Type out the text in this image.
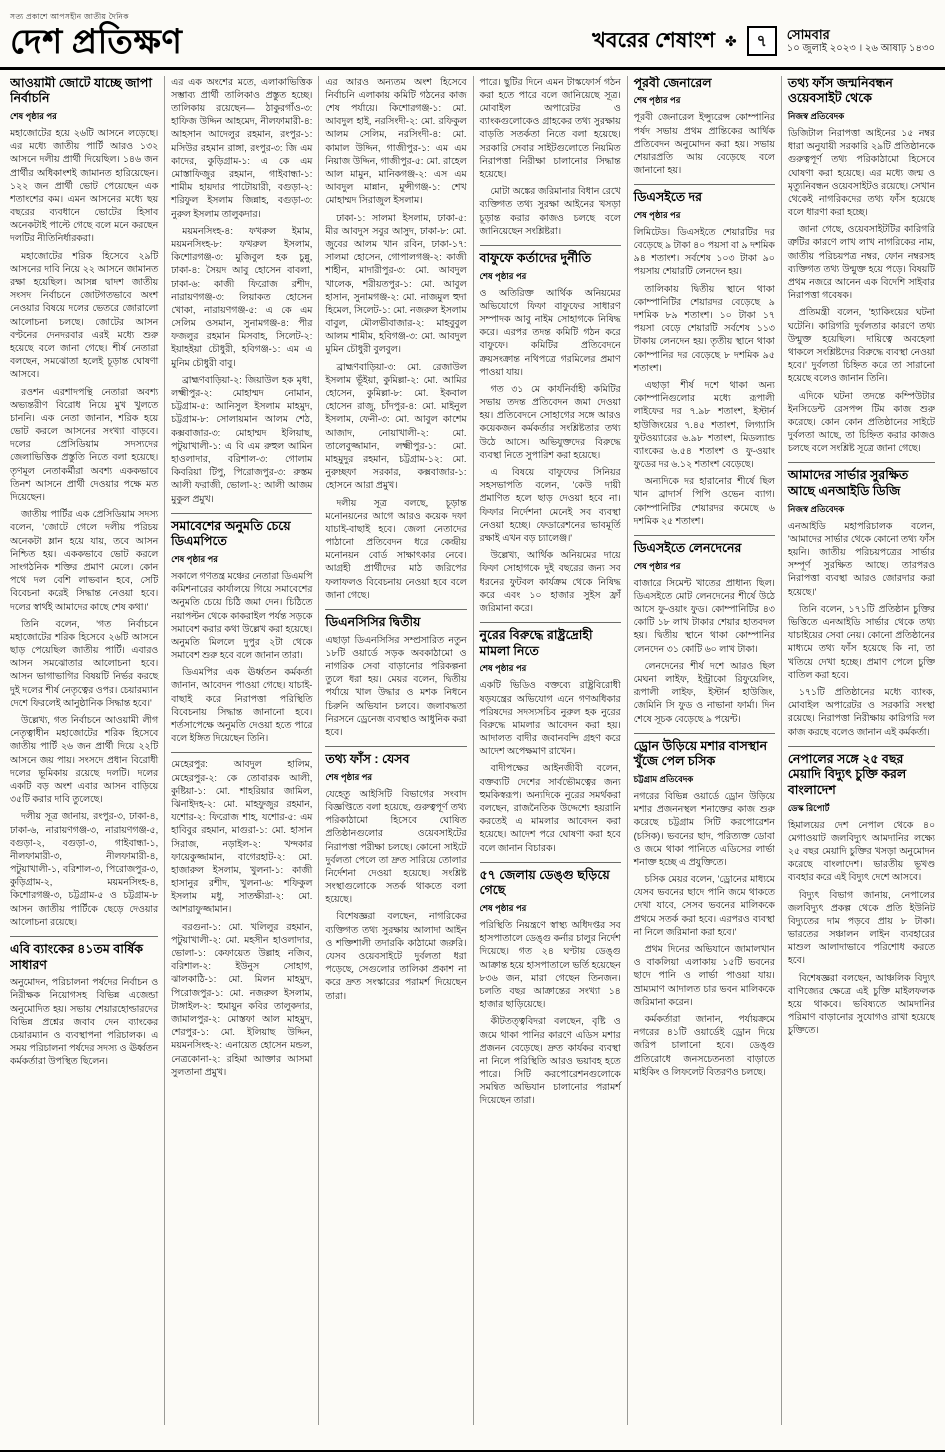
সত্য প্রকাশে আপসহীন জাতীয় দৈনিক
দেশ প্রতিক্ষণ	খবরের শেষাংশ ✤ ৭ সোমবার
১০ জুলাই ২০২৩ । ২৬ আষাঢ় ১৪৩০
আওয়ামী জোটে যাচ্ছে জাপা নির্বাচনি

শেষ পৃষ্ঠার পর

মহাজোটের হয়ে ২৬টি আসনে লড়েছে। এর মধ্যে জাতীয় পার্টি আরও ১৩২ আসনে দলীয় প্রার্থী দিয়েছিল। ১৪৬ জন প্রার্থীর অধিকাংশই জামানত হারিয়েছেন। ১২২ জন প্রার্থী ভোট পেয়েছেন এক শতাংশের কম। এমন আসনের মধ্যে ছয় বছরের ব্যবধানে ভোটের হিসাব অনেকটাই পাল্টে গেছে বলে মনে করছেন দলটির নীতিনির্ধারকরা।

মহাজোটের শরিক হিসেবে ২৯টি আসনের দাবি নিয়ে ২২ আসনে জামানত রক্ষা হয়েছিল। আসন্ন দ্বাদশ জাতীয় সংসদ নির্বাচনে জোটগতভাবে অংশ নেওয়ার বিষয়ে দলের ভেতরে জোরালো আলোচনা চলছে। জোটের আসন বণ্টনের দেনদরবার এরই মধ্যে শুরু হয়েছে বলে জানা গেছে। শীর্ষ নেতারা বলছেন, সমঝোতা হলেই চূড়ান্ত ঘোষণা আসবে।

রওশন এরশাদপন্থি নেতারা অবশ্য অভ্যন্তরীণ বিরোধ নিয়ে মুখ খুলতে চাননি। এক নেতা জানান, শরিক হয়ে ভোট করলে আসনের সংখ্যা বাড়বে। দলের প্রেসিডিয়াম সদস্যদের জেলাভিত্তিক প্রস্তুতি নিতে বলা হয়েছে। তৃণমূল নেতাকর্মীরা অবশ্য এককভাবে তিনশ আসনে প্রার্থী দেওয়ার পক্ষে মত দিয়েছেন।

জাতীয় পার্টির এক প্রেসিডিয়াম সদস্য বলেন, 'জোটে গেলে দলীয় পরিচয় অনেকটা ম্লান হয়ে যায়, তবে আসন নিশ্চিত হয়। এককভাবে ভোট করলে সাংগঠনিক শক্তির প্রমাণ মেলে। কোন পথে দল বেশি লাভবান হবে, সেটি বিবেচনা করেই সিদ্ধান্ত নেওয়া হবে। দলের স্বার্থই আমাদের কাছে শেষ কথা।'

তিনি বলেন, 'গত নির্বাচনে মহাজোটের শরিক হিসেবে ২৬টি আসনে ছাড় পেয়েছিল জাতীয় পার্টি। এবারও আসন সমঝোতার আলোচনা হবে। আসন ভাগাভাগির বিষয়টি নির্ভর করছে দুই দলের শীর্ষ নেতৃত্বের ওপর। চেয়ারম্যান দেশে ফিরলেই আনুষ্ঠানিক সিদ্ধান্ত হবে।'

উল্লেখ্য, গত নির্বাচনে আওয়ামী লীগ নেতৃত্বাধীন মহাজোটের শরিক হিসেবে জাতীয় পার্টি ২৬ জন প্রার্থী দিয়ে ২২টি আসনে জয় পায়। সংসদে প্রধান বিরোধী দলের ভূমিকায় রয়েছে দলটি। দলের একটি বড় অংশ এবার আসন বাড়িয়ে ৩৫টি করার দাবি তুলেছে।

দলীয় সূত্র জানায়, রংপুর-৩, ঢাকা-৪, ঢাকা-৬, নারায়ণগঞ্জ-৩, নারায়ণগঞ্জ-৫, বগুড়া-২, বগুড়া-৩, গাইবান্ধা-১, নীলফামারী-৩, নীলফামারী-৪, পটুয়াখালী-১, বরিশাল-৩, পিরোজপুর-৩, কুড়িগ্রাম-২, ময়মনসিংহ-৪, কিশোরগঞ্জ-৩, চট্টগ্রাম-৫ ও চট্টগ্রাম-৮ আসন জাতীয় পার্টিকে ছেড়ে দেওয়ার আলোচনা রয়েছে।

এবি ব্যাংকের ৪১তম বার্ষিক সাধারণ

অনুমোদন, পরিচালনা পর্ষদের নির্বাচন ও নিরীক্ষক নিয়োগসহ বিভিন্ন এজেন্ডা অনুমোদিত হয়। সভায় শেয়ারহোল্ডারদের বিভিন্ন প্রশ্নের জবাব দেন ব্যাংকের চেয়ারম্যান ও ব্যবস্থাপনা পরিচালক। এ সময় পরিচালনা পর্ষদের সদস্য ও ঊর্ধ্বতন কর্মকর্তারা উপস্থিত ছিলেন।

এর এক অংশের মতে, এলাকাভিত্তিক সম্ভাব্য প্রার্থী তালিকাও প্রস্তুত হচ্ছে। তালিকায় রয়েছেন— ঠাকুরগাঁও-৩: হাফিজ উদ্দিন আহমেদ, নীলফামারী-৪: আহসান আদেলুর রহমান, রংপুর-১: মসিউর রহমান রাঙ্গা, রংপুর-৩: জি এম কাদের, কুড়িগ্রাম-১: এ কে এম মোস্তাফিজুর রহমান, গাইবান্ধা-১: শামীম হায়দার পাটোয়ারী, বগুড়া-২: শরিফুল ইসলাম জিন্নাহ, বগুড়া-৩: নুরুল ইসলাম তালুকদার।

ময়মনসিংহ-৪: ফখরুল ইমাম, ময়মনসিংহ-৮: ফখরুল ইসলাম, কিশোরগঞ্জ-৩: মুজিবুল হক চুন্নু, ঢাকা-৪: সৈয়দ আবু হোসেন বাবলা, ঢাকা-৬: কাজী ফিরোজ রশীদ, নারায়ণগঞ্জ-৩: লিয়াকত হোসেন খোকা, নারায়ণগঞ্জ-৫: এ কে এম সেলিম ওসমান, সুনামগঞ্জ-৪: পীর ফজলুর রহমান মিসবাহ, সিলেট-২: ইয়াহইয়া চৌধুরী, হবিগঞ্জ-১: এম এ মুনিম চৌধুরী বাবু।

ব্রাহ্মণবাড়িয়া-২: জিয়াউল হক মৃধা, লক্ষ্মীপুর-২: মোহাম্মদ নোমান, চট্টগ্রাম-৫: আনিসুল ইসলাম মাহমুদ, চট্টগ্রাম-৮: সোলায়মান আলম শেঠ, কক্সবাজার-৩: মোহাম্মদ ইলিয়াছ, পটুয়াখালী-১: এ বি এম রুহুল আমিন হাওলাদার, বরিশাল-৩: গোলাম কিবরিয়া টিপু, পিরোজপুর-৩: রুস্তম আলী ফরাজী, ভোলা-২: আলী আজম মুকুল প্রমুখ।

সমাবেশের অনুমতি চেয়ে ডিএমপিতে

শেষ পৃষ্ঠার পর

সকালে গণতন্ত্র মঞ্চের নেতারা ডিএমপি কমিশনারের কার্যালয়ে গিয়ে সমাবেশের অনুমতি চেয়ে চিঠি জমা দেন। চিঠিতে নয়াপল্টন থেকে কাকরাইল পর্যন্ত সড়কে সমাবেশ করার কথা উল্লেখ করা হয়েছে। অনুমতি মিললে দুপুর ২টা থেকে সমাবেশ শুরু হবে বলে জানান তারা।

ডিএমপির এক ঊর্ধ্বতন কর্মকর্তা জানান, আবেদন পাওয়া গেছে। যাচাই-বাছাই করে নিরাপত্তা পরিস্থিতি বিবেচনায় সিদ্ধান্ত জানানো হবে। শর্তসাপেক্ষে অনুমতি দেওয়া হতে পারে বলে ইঙ্গিত দিয়েছেন তিনি।

মেহেরপুর: আবদুল হালিম, মেহেরপুর-২: কে তোবারক আলী, কুষ্টিয়া-১: মো. শাহরিয়ার জামিল, ঝিনাইদহ-২: মো. মাহফুজুর রহমান, যশোর-২: ফিরোজ শাহ, যশোর-৫: এম হাবিবুর রহমান, মাগুরা-১: মো. হাসান সিরাজ, নড়াইল-২: খন্দকার ফায়েকুজ্জামান, বাগেরহাট-২: মো. হাজারুল ইসলাম, খুলনা-১: কাজী হাসানুর রশীদ, খুলনা-৬: শফিকুল ইসলাম মধু, সাতক্ষীরা-২: মো. আশরাফুজ্জামান।

বরগুনা-১: মো. খলিলুর রহমান, পটুয়াখালী-২: মো. মহসীন হাওলাদার, ভোলা-১: কেফায়েত উল্লাহ নজিব, বরিশাল-২: ইউনুস সোহাগ, ঝালকাঠি-১: মো. মিলন মাহমুদ, পিরোজপুর-১: মো. নজরুল ইসলাম, টাঙ্গাইল-২: হুমায়ুন কবির তালুকদার, জামালপুর-২: মোস্তফা আল মাহমুদ, শেরপুর-১: মো. ইলিয়াছ উদ্দিন, ময়মনসিংহ-২: এনায়েত হোসেন মন্ডল, নেত্রকোনা-২: রহিমা আক্তার আসমা সুলতানা প্রমুখ।

এর আরও অন্যতম অংশ হিসেবে নির্বাচনি এলাকায় কমিটি গঠনের কাজ শেষ পর্যায়ে। কিশোরগঞ্জ-১: মো. আবদুল হাই, নরসিংদী-২: মো. রফিকুল আলম সেলিম, নরসিংদী-৪: মো. কামাল উদ্দিন, গাজীপুর-১: এম এম নিয়াজ উদ্দিন, গাজীপুর-৫: মো. রাহেল আল মামুন, মানিকগঞ্জ-২: এস এম আবদুল মান্নান, মুন্সীগঞ্জ-১: শেখ মোহাম্মদ সিরাজুল ইসলাম।

ঢাকা-১: সালমা ইসলাম, ঢাকা-৫: মীর আবদুস সবুর আসুদ, ঢাকা-৮: মো. জুবের আলম খান রবিন, ঢাকা-১৭: সালমা হোসেন, গোপালগঞ্জ-২: কাজী শাহীন, মাদারীপুর-৩: মো. আবদুল খালেক, শরীয়তপুর-১: মো. আবুল হাসান, সুনামগঞ্জ-২: মো. নাজমুল হুদা হিমেল, সিলেট-১: মো. নজরুল ইসলাম বাবুল, মৌলভীবাজার-২: মাহবুবুল আলম শামীম, হবিগঞ্জ-৩: মো. আবদুল মুমিন চৌধুরী বুলবুল।

ব্রাহ্মণবাড়িয়া-৩: মো. রেজাউল ইসলাম ভূঁইয়া, কুমিল্লা-২: মো. আমির হোসেন, কুমিল্লা-৮: মো. ইকবাল হোসেন রাজু, চাঁদপুর-৪: মো. মাইনুল ইসলাম, ফেনী-৩: মো. আবুল কাশেম আজাদ, নোয়াখালী-২: মো. তালেবুজ্জামান, লক্ষ্মীপুর-১: মো. মাহমুদুর রহমান, চট্টগ্রাম-১২: মো. নুরুচ্ছফা সরকার, কক্সবাজার-১: হোসনে আরা প্রমুখ।

দলীয় সূত্র বলছে, চূড়ান্ত মনোনয়নের আগে আরও কয়েক দফা যাচাই-বাছাই হবে। জেলা নেতাদের পাঠানো প্রতিবেদন ধরে কেন্দ্রীয় মনোনয়ন বোর্ড সাক্ষাৎকার নেবে। আগ্রহী প্রার্থীদের মাঠ জরিপের ফলাফলও বিবেচনায় নেওয়া হবে বলে জানা গেছে।

ডিএনসিসির দ্বিতীয়

এছাড়া ডিএনসিসির সম্প্রসারিত নতুন ১৮টি ওয়ার্ডে সড়ক অবকাঠামো ও নাগরিক সেবা বাড়ানোর পরিকল্পনা তুলে ধরা হয়। মেয়র বলেন, দ্বিতীয় পর্যায়ে খাল উদ্ধার ও মশক নিধনে চিরুনি অভিযান চলবে। জলাবদ্ধতা নিরসনে ড্রেনেজ ব্যবস্থাও আধুনিক করা হবে।

তথ্য ফাঁস : যেসব

শেষ পৃষ্ঠার পর

যেহেতু আইসিটি বিভাগের সংবাদ বিজ্ঞপ্তিতে বলা হয়েছে, গুরুত্বপূর্ণ তথ্য পরিকাঠামো হিসেবে ঘোষিত প্রতিষ্ঠানগুলোর ওয়েবসাইটের নিরাপত্তা পরীক্ষা চলছে। কোনো সাইটে দুর্বলতা পেলে তা দ্রুত সারিয়ে তোলার নির্দেশনা দেওয়া হয়েছে। সংশ্লিষ্ট সংস্থাগুলোকে সতর্ক থাকতে বলা হয়েছে।

বিশেষজ্ঞরা বলছেন, নাগরিকের ব্যক্তিগত তথ্য সুরক্ষায় আলাদা আইন ও শক্তিশালী তদারকি কাঠামো জরুরি। যেসব ওয়েবসাইটে দুর্বলতা ধরা পড়েছে, সেগুলোর তালিকা প্রকাশ না করে দ্রুত সংস্কারের পরামর্শ দিয়েছেন তারা।

পারে। ছুটির দিনে এমন টাস্কফোর্স গঠন করা হতে পারে বলে জানিয়েছে সূত্র। মোবাইল অপারেটর ও ব্যাংকগুলোকেও গ্রাহকের তথ্য সুরক্ষায় বাড়তি সতর্কতা নিতে বলা হয়েছে। সরকারি সেবার সাইটগুলোতে নিয়মিত নিরাপত্তা নিরীক্ষা চালানোর সিদ্ধান্ত হয়েছে।

মোটা অঙ্কের জরিমানার বিধান রেখে ব্যক্তিগত তথ্য সুরক্ষা আইনের খসড়া চূড়ান্ত করার কাজও চলছে বলে জানিয়েছেন সংশ্লিষ্টরা।

বাফুফে কর্তাদের দুর্নীতি

শেষ পৃষ্ঠার পর

ও অতিরিক্ত আর্থিক অনিয়মের অভিযোগে ফিফা বাফুফের সাধারণ সম্পাদক আবু নাইম সোহাগকে নিষিদ্ধ করে। এরপর তদন্ত কমিটি গঠন করে বাফুফে। কমিটির প্রতিবেদনে ক্রয়সংক্রান্ত নথিপত্রে গরমিলের প্রমাণ পাওয়া যায়।

গত ৩১ মে কার্যনির্বাহী কমিটির সভায় তদন্ত প্রতিবেদন জমা দেওয়া হয়। প্রতিবেদনে সোহাগের সঙ্গে আরও কয়েকজন কর্মকর্তার সংশ্লিষ্টতার তথ্য উঠে আসে। অভিযুক্তদের বিরুদ্ধে ব্যবস্থা নিতে সুপারিশ করা হয়েছে।

এ বিষয়ে বাফুফের সিনিয়র সহসভাপতি বলেন, 'কেউ দায়ী প্রমাণিত হলে ছাড় দেওয়া হবে না। ফিফার নির্দেশনা মেনেই সব ব্যবস্থা নেওয়া হচ্ছে। ফেডারেশনের ভাবমূর্তি রক্ষাই এখন বড় চ্যালেঞ্জ।'

উল্লেখ্য, আর্থিক অনিয়মের দায়ে ফিফা সোহাগকে দুই বছরের জন্য সব ধরনের ফুটবল কার্যক্রম থেকে নিষিদ্ধ করে এবং ১০ হাজার সুইস ফ্রাঁ জরিমানা করে।

নুরের বিরুদ্ধে রাষ্ট্রদ্রোহী মামলা নিতে

শেষ পৃষ্ঠার পর

একটি ভিডিও বক্তব্যে রাষ্ট্রবিরোধী ষড়যন্ত্রের অভিযোগ এনে গণঅধিকার পরিষদের সদস্যসচিব নুরুল হক নুরের বিরুদ্ধে মামলার আবেদন করা হয়। আদালত বাদীর জবানবন্দি গ্রহণ করে আদেশ অপেক্ষমাণ রাখেন।

বাদীপক্ষের আইনজীবী বলেন, বক্তব্যটি দেশের সার্বভৌমত্বের জন্য হুমকিস্বরূপ। অন্যদিকে নুরের সমর্থকরা বলছেন, রাজনৈতিক উদ্দেশ্যে হয়রানি করতেই এ মামলার আবেদন করা হয়েছে। আদেশ পরে ঘোষণা করা হবে বলে জানান বিচারক।

৫৭ জেলায় ডেঙ্গু ছড়িয়ে গেছে

শেষ পৃষ্ঠার পর

পরিস্থিতি নিয়ন্ত্রণে স্বাস্থ্য অধিদপ্তর সব হাসপাতালে ডেঙ্গু কর্নার চালুর নির্দেশ দিয়েছে। গত ২৪ ঘণ্টায় ডেঙ্গু আক্রান্ত হয়ে হাসপাতালে ভর্তি হয়েছেন ৮৩৬ জন, মারা গেছেন তিনজন। চলতি বছর আক্রান্তের সংখ্যা ১৪ হাজার ছাড়িয়েছে।

কীটতত্ত্ববিদরা বলছেন, বৃষ্টি ও জমে থাকা পানির কারণে এডিস মশার প্রজনন বেড়েছে। দ্রুত কার্যকর ব্যবস্থা না নিলে পরিস্থিতি আরও ভয়াবহ হতে পারে। সিটি করপোরেশনগুলোকে সমন্বিত অভিযান চালানোর পরামর্শ দিয়েছেন তারা।

পূরবী জেনারেল

শেষ পৃষ্ঠার পর

পূরবী জেনারেল ইন্স্যুরেন্স কোম্পানির পর্ষদ সভায় প্রথম প্রান্তিকের আর্থিক প্রতিবেদন অনুমোদন করা হয়। সভায় শেয়ারপ্রতি আয় বেড়েছে বলে জানানো হয়।

ডিএসইতে দর

শেষ পৃষ্ঠার পর

লিমিটেড। ডিএসইতে শেয়ারটির দর বেড়েছে ৯ টাকা ৪০ পয়সা বা ৯ দশমিক ৯৪ শতাংশ। সর্বশেষ ১০৩ টাকা ৯০ পয়সায় শেয়ারটি লেনদেন হয়।

তালিকায় দ্বিতীয় স্থানে থাকা কোম্পানিটির শেয়ারদর বেড়েছে ৯ দশমিক ৮৯ শতাংশ। ১০ টাকা ১৭ পয়সা বেড়ে শেয়ারটি সর্বশেষ ১১৩ টাকায় লেনদেন হয়। তৃতীয় স্থানে থাকা কোম্পানির দর বেড়েছে ৮ দশমিক ৯৫ শতাংশ।

এছাড়া শীর্ষ দশে থাকা অন্য কোম্পানিগুলোর মধ্যে রূপালী লাইফের দর ৭.৯৮ শতাংশ, ইস্টার্ন হাউজিংয়ের ৭.৪৫ শতাংশ, লিগ্যাসি ফুটওয়্যারের ৬.৯৮ শতাংশ, মিডল্যান্ড ব্যাংকের ৬.৫৪ শতাংশ ও ফু-ওয়াং ফুডের দর ৬.১২ শতাংশ বেড়েছে।

অন্যদিকে দর হারানোর শীর্ষে ছিল খান ব্রাদার্স পিপি ওভেন ব্যাগ। কোম্পানিটির শেয়ারদর কমেছে ৬ দশমিক ২৫ শতাংশ।

ডিএসইতে লেনদেনের

শেষ পৃষ্ঠার পর

বাজারে সিমেন্ট খাতের প্রাধান্য ছিল। ডিএসইতে মোট লেনদেনের শীর্ষে উঠে আসে ফু-ওয়াং ফুড। কোম্পানিটির ৪৩ কোটি ১৮ লাখ টাকার শেয়ার হাতবদল হয়। দ্বিতীয় স্থানে থাকা কোম্পানির লেনদেন ৩১ কোটি ৬০ লাখ টাকা।

লেনদেনের শীর্ষ দশে আরও ছিল মেঘনা লাইফ, ইন্ট্রাকো রিফুয়েলিং, রূপালী লাইফ, ইস্টার্ন হাউজিং, জেমিনি সি ফুড ও নাভানা ফার্মা। দিন শেষে সূচক বেড়েছে ৯ পয়েন্ট।

ড্রোন উড়িয়ে মশার বাসস্থান খুঁজে পেল চসিক

চট্টগ্রাম প্রতিবেদক

নগরের বিভিন্ন ওয়ার্ডে ড্রোন উড়িয়ে মশার প্রজননস্থল শনাক্তের কাজ শুরু করেছে চট্টগ্রাম সিটি করপোরেশন (চসিক)। ভবনের ছাদ, পরিত্যক্ত ডোবা ও জমে থাকা পানিতে এডিসের লার্ভা শনাক্ত হচ্ছে এ প্রযুক্তিতে।

চসিক মেয়র বলেন, 'ড্রোনের মাধ্যমে যেসব ভবনের ছাদে পানি জমে থাকতে দেখা যাবে, সেসব ভবনের মালিককে প্রথমে সতর্ক করা হবে। এরপরও ব্যবস্থা না নিলে জরিমানা করা হবে।'

প্রথম দিনের অভিযানে জামালখান ও বাকলিয়া এলাকায় ১৫টি ভবনের ছাদে পানি ও লার্ভা পাওয়া যায়। ভ্রাম্যমাণ আদালত চার ভবন মালিককে জরিমানা করেন।

কর্মকর্তারা জানান, পর্যায়ক্রমে নগরের ৪১টি ওয়ার্ডেই ড্রোন দিয়ে জরিপ চালানো হবে। ডেঙ্গু প্রতিরোধে জনসচেতনতা বাড়াতে মাইকিং ও লিফলেট বিতরণও চলছে।

তথ্য ফাঁস জন্মনিবন্ধন ওয়েবসাইট থেকে

নিজস্ব প্রতিবেদক

ডিজিটাল নিরাপত্তা আইনের ১৫ নম্বর ধারা অনুযায়ী সরকারি ২৯টি প্রতিষ্ঠানকে গুরুত্বপূর্ণ তথ্য পরিকাঠামো হিসেবে ঘোষণা করা হয়েছে। এর মধ্যে জন্ম ও মৃত্যুনিবন্ধন ওয়েবসাইটও রয়েছে। সেখান থেকেই নাগরিকদের তথ্য ফাঁস হয়েছে বলে ধারণা করা হচ্ছে।

জানা গেছে, ওয়েবসাইটটির কারিগরি ত্রুটির কারণে লাখ লাখ নাগরিকের নাম, জাতীয় পরিচয়পত্র নম্বর, ফোন নম্বরসহ ব্যক্তিগত তথ্য উন্মুক্ত হয়ে পড়ে। বিষয়টি প্রথম নজরে আনেন এক বিদেশি সাইবার নিরাপত্তা গবেষক।

প্রতিমন্ত্রী বলেন, 'হ্যাকিংয়ের ঘটনা ঘটেনি। কারিগরি দুর্বলতার কারণে তথ্য উন্মুক্ত হয়েছিল। দায়িত্বে অবহেলা থাকলে সংশ্লিষ্টদের বিরুদ্ধে ব্যবস্থা নেওয়া হবে।' দুর্বলতা চিহ্নিত করে তা সারানো হয়েছে বলেও জানান তিনি।

এদিকে ঘটনা তদন্তে কম্পিউটার ইনসিডেন্ট রেসপন্স টিম কাজ শুরু করেছে। কোন কোন প্রতিষ্ঠানের সাইটে দুর্বলতা আছে, তা চিহ্নিত করার কাজও চলছে বলে সংশ্লিষ্ট সূত্রে জানা গেছে।

আমাদের সার্ভার সুরক্ষিত আছে এনআইডি ডিজি

নিজস্ব প্রতিবেদক

এনআইডি মহাপরিচালক বলেন, 'আমাদের সার্ভার থেকে কোনো তথ্য ফাঁস হয়নি। জাতীয় পরিচয়পত্রের সার্ভার সম্পূর্ণ সুরক্ষিত আছে। তারপরও নিরাপত্তা ব্যবস্থা আরও জোরদার করা হয়েছে।'

তিনি বলেন, ১৭১টি প্রতিষ্ঠান চুক্তির ভিত্তিতে এনআইডি সার্ভার থেকে তথ্য যাচাইয়ের সেবা নেয়। কোনো প্রতিষ্ঠানের মাধ্যমে তথ্য ফাঁস হয়েছে কি না, তা খতিয়ে দেখা হচ্ছে। প্রমাণ পেলে চুক্তি বাতিল করা হবে।

১৭১টি প্রতিষ্ঠানের মধ্যে ব্যাংক, মোবাইল অপারেটর ও সরকারি সংস্থা রয়েছে। নিরাপত্তা নিরীক্ষায় কারিগরি দল কাজ করছে বলেও জানান এই কর্মকর্তা।

নেপালের সঙ্গে ২৫ বছর মেয়াদি বিদ্যুৎ চুক্তি করল বাংলাদেশ

ডেস্ক রিপোর্ট

হিমালয়ের দেশ নেপাল থেকে ৪০ মেগাওয়াট জলবিদ্যুৎ আমদানির লক্ষ্যে ২৫ বছর মেয়াদি চুক্তির খসড়া অনুমোদন করেছে বাংলাদেশ। ভারতীয় ভূখণ্ড ব্যবহার করে এই বিদ্যুৎ দেশে আসবে।

বিদ্যুৎ বিভাগ জানায়, নেপালের জলবিদ্যুৎ প্রকল্প থেকে প্রতি ইউনিট বিদ্যুতের দাম পড়বে প্রায় ৮ টাকা। ভারতের সঞ্চালন লাইন ব্যবহারের মাশুল আলাদাভাবে পরিশোধ করতে হবে।

বিশেষজ্ঞরা বলছেন, আঞ্চলিক বিদ্যুৎ বাণিজ্যের ক্ষেত্রে এই চুক্তি মাইলফলক হয়ে থাকবে। ভবিষ্যতে আমদানির পরিমাণ বাড়ানোর সুযোগও রাখা হয়েছে চুক্তিতে।
